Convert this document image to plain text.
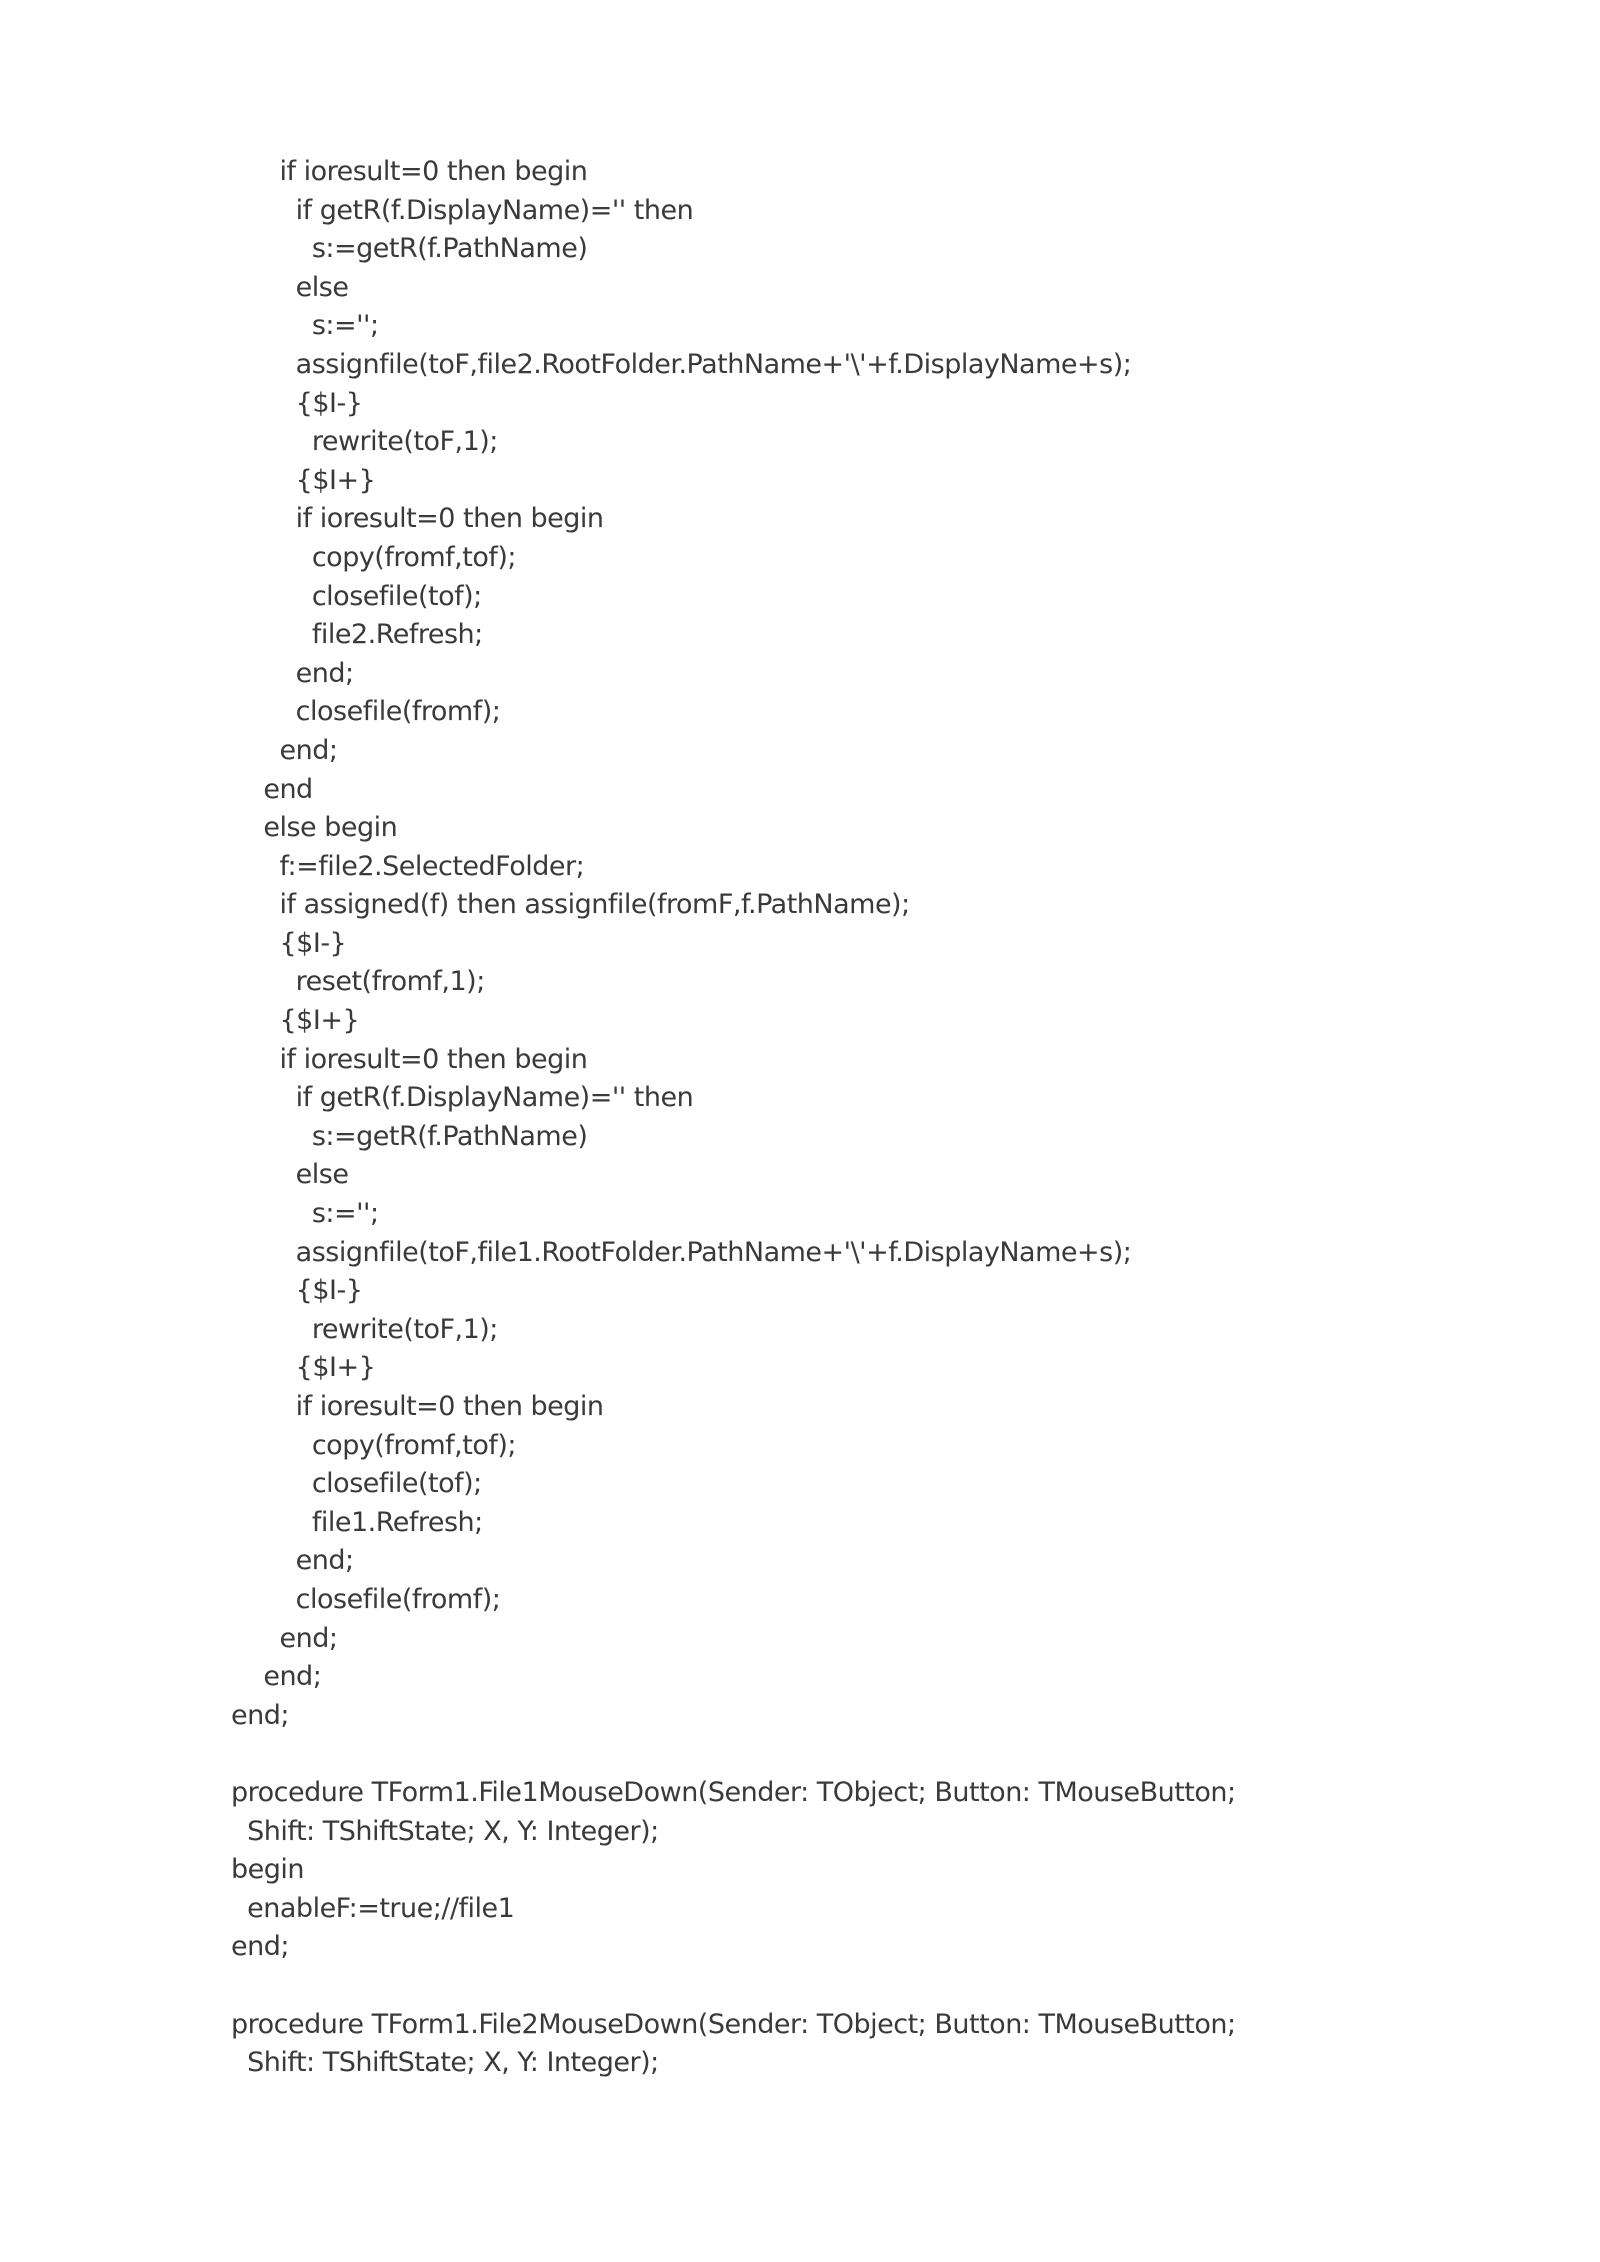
if ioresult=0 then begin
if getR(f.DisplayName)='' then
s:=getR(f.PathName)
else
s:='';
assignfile(toF,file2.RootFolder.PathName+'\'+f.DisplayName+s);
{$I-}
rewrite(toF,1);
{$I+}
if ioresult=0 then begin
copy(fromf,tof);
closefile(tof);
file2.Refresh;
end;
closefile(fromf);
end;
end
else begin
f:=file2.SelectedFolder;
if assigned(f) then assignfile(fromF,f.PathName);
{$I-}
reset(fromf,1);
{$I+}
if ioresult=0 then begin
if getR(f.DisplayName)='' then
s:=getR(f.PathName)
else
s:='';
assignfile(toF,file1.RootFolder.PathName+'\'+f.DisplayName+s);
{$I-}
rewrite(toF,1);
{$I+}
if ioresult=0 then begin
copy(fromf,tof);
closefile(tof);
file1.Refresh;
end;
closefile(fromf);
end;
end;
end;
procedure TForm1.File1MouseDown(Sender: TObject; Button: TMouseButton;
Shift: TShiftState; X, Y: Integer);
begin
enableF:=true;//file1
end;
procedure TForm1.File2MouseDown(Sender: TObject; Button: TMouseButton;
Shift: TShiftState; X, Y: Integer);
